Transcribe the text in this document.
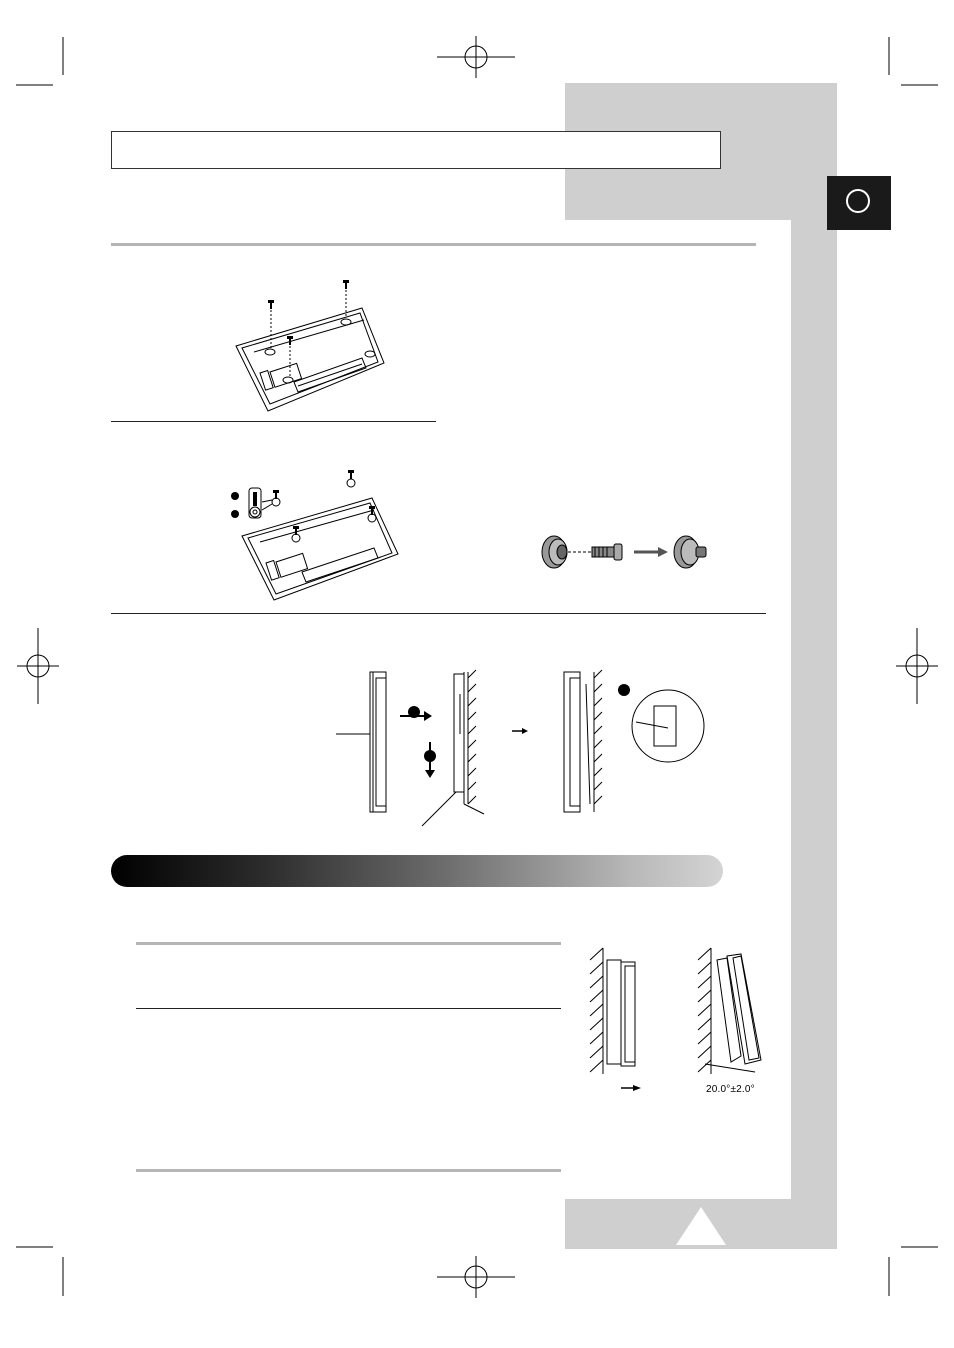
20.0°±2.0°
